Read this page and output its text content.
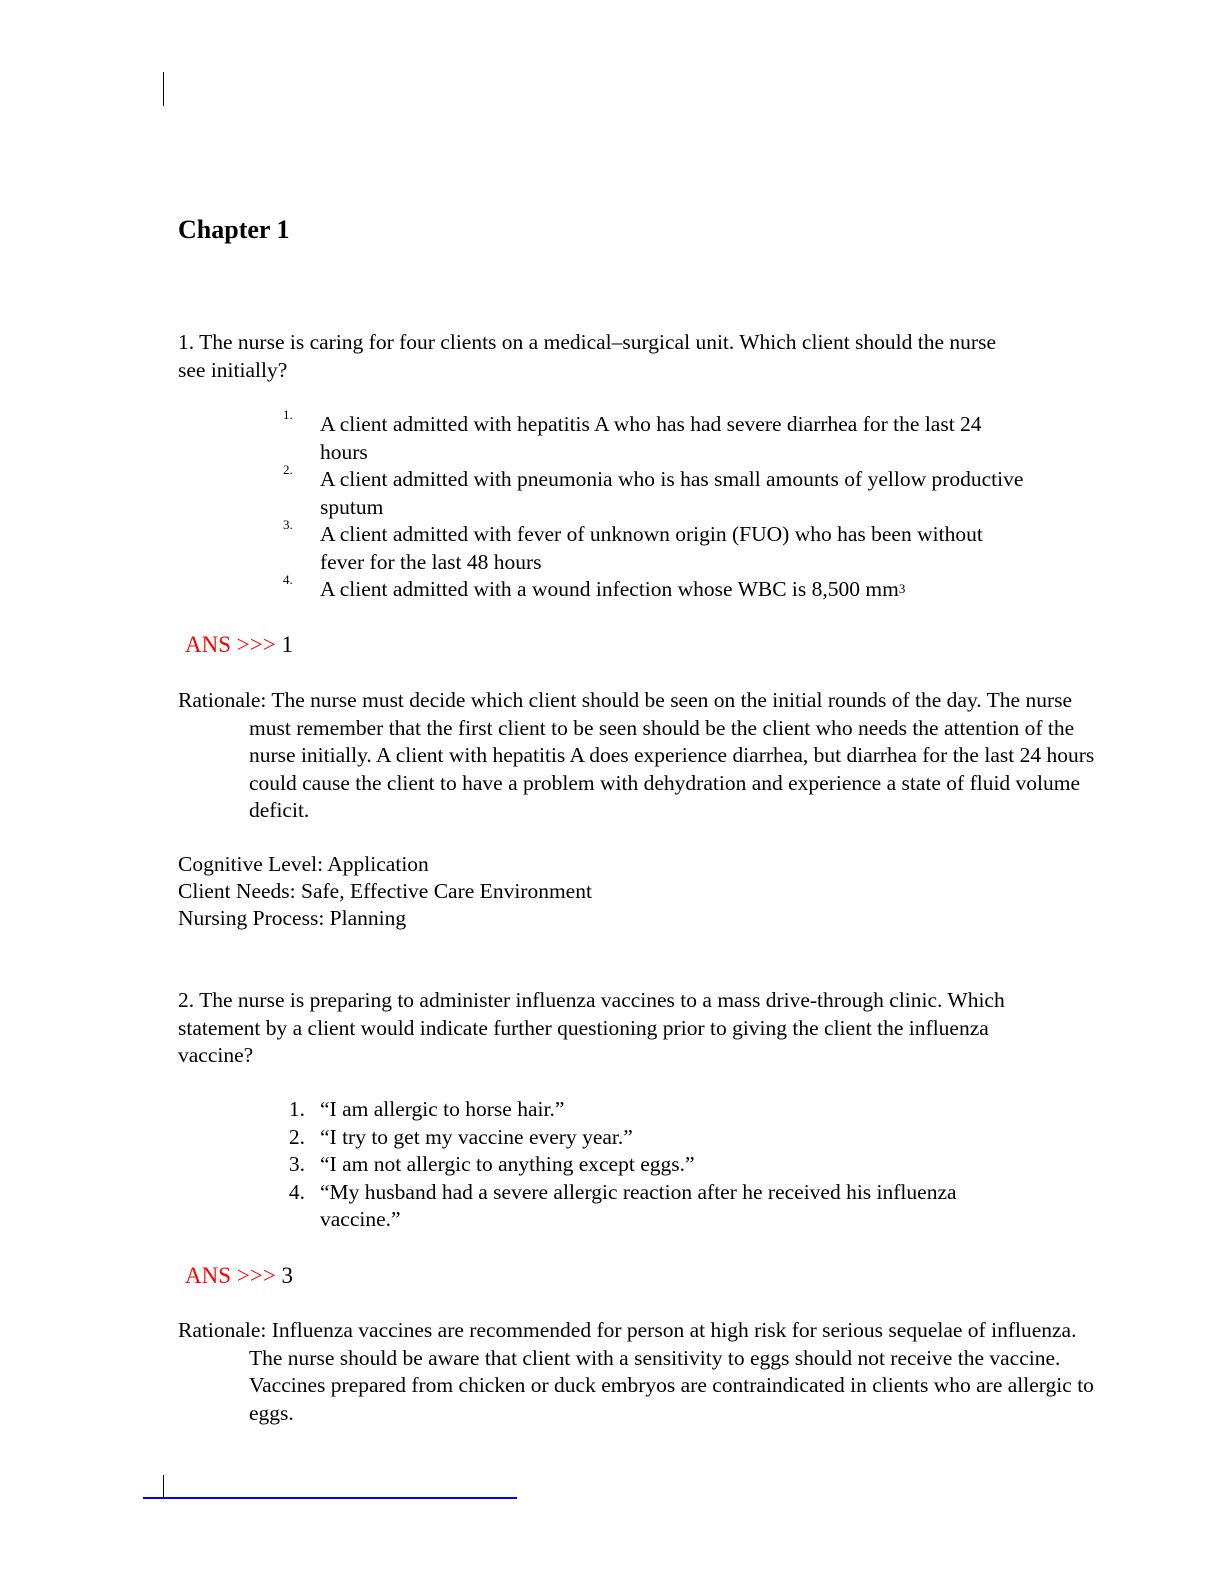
Chapter 1

1. The nurse is caring for four clients on a medical–surgical unit. Which client should the nurse see initially?

1. A client admitted with hepatitis A who has had severe diarrhea for the last 24 hours
2. A client admitted with pneumonia who is has small amounts of yellow productive sputum
3. A client admitted with fever of unknown origin (FUO) who has been without fever for the last 48 hours
4. A client admitted with a wound infection whose WBC is 8,500 $mm^3$

ANS >>> 1

Rationale: The nurse must decide which client should be seen on the initial rounds of the day. The nurse must remember that the first client to be seen should be the client who needs the attention of the nurse initially. A client with hepatitis A does experience diarrhea, but diarrhea for the last 24 hours could cause the client to have a problem with dehydration and experience a state of fluid volume deficit.

Cognitive Level: Application

Client Needs: Safe, Effective Care Environment

Nursing Process: Planning

2. The nurse is preparing to administer influenza vaccines to a mass drive-through clinic. Which statement by a client would indicate further questioning prior to giving the client the influenza vaccine?

1. “I am allergic to horse hair.”
2. “I try to get my vaccine every year.”
3. “I am not allergic to anything except eggs.”
4. “My husband had a severe allergic reaction after he received his influenza vaccine.”

ANS >>> 3

Rationale: Influenza vaccines are recommended for person at high risk for serious sequelae of influenza. The nurse should be aware that client with a sensitivity to eggs should not receive the vaccine. Vaccines prepared from chicken or duck embryos are contraindicated in clients who are allergic to eggs.
